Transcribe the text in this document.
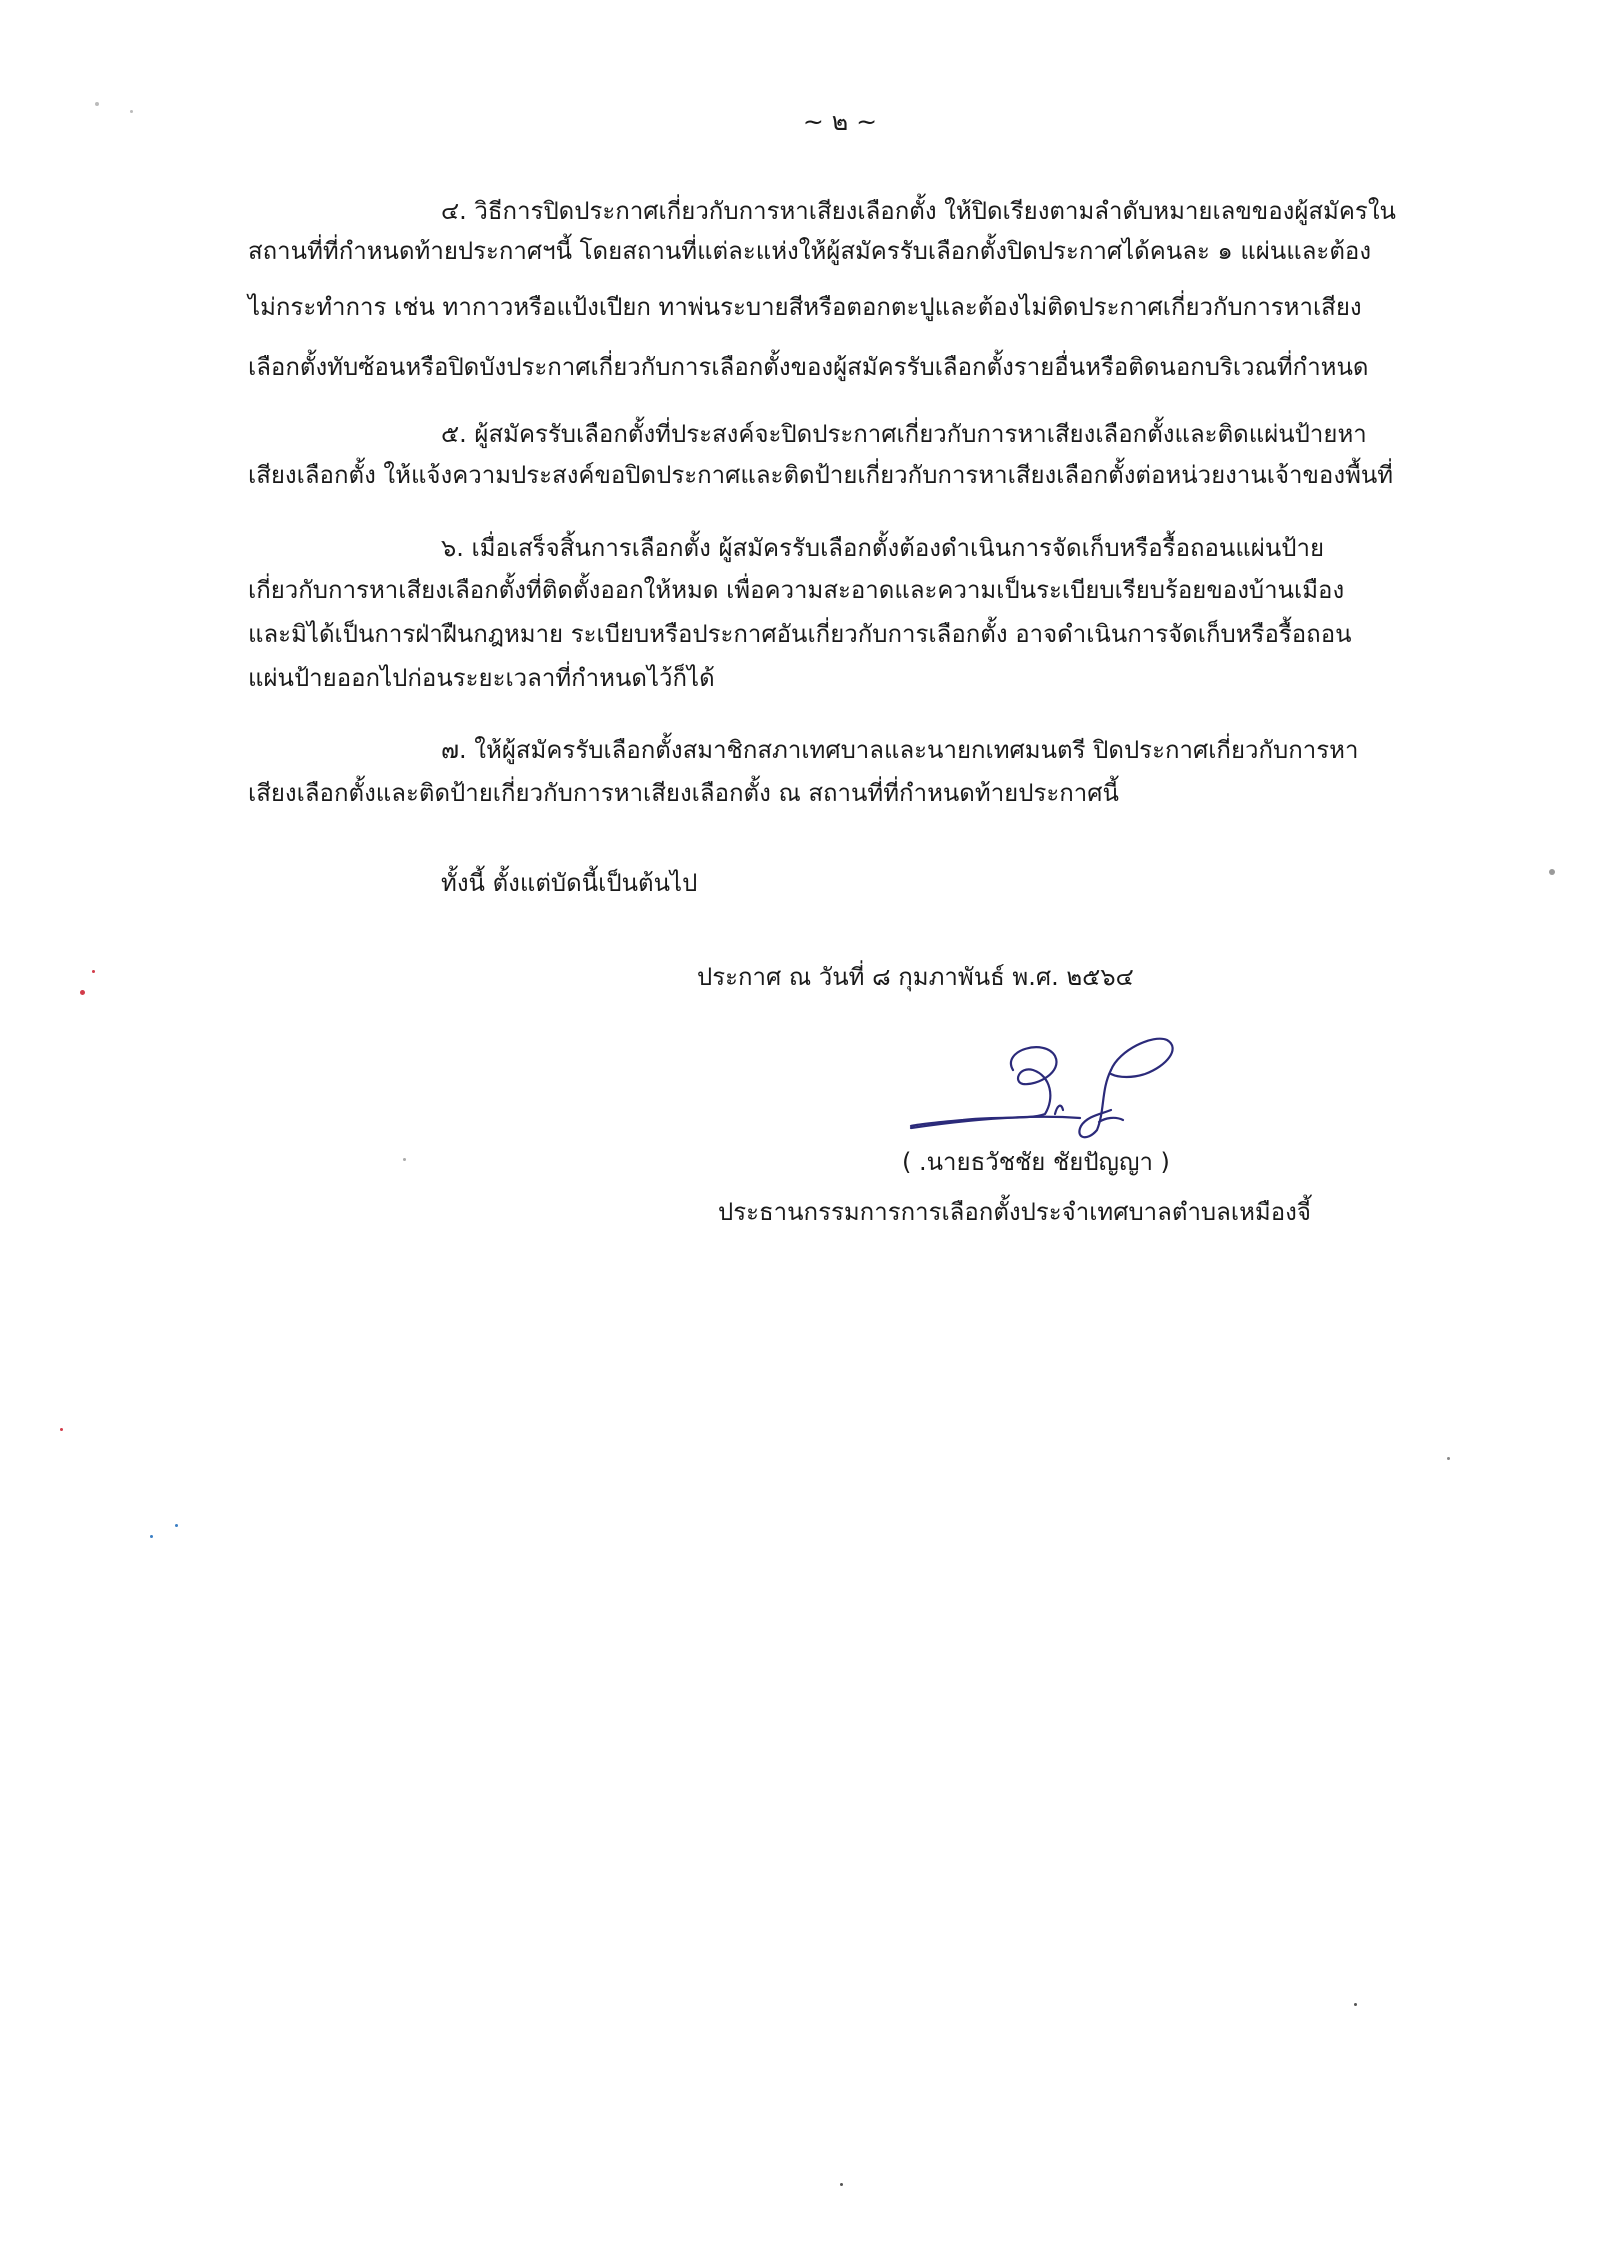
~ ๒ ~
๔. วิธีการปิดประกาศเกี่ยวกับการหาเสียงเลือกตั้ง ให้ปิดเรียงตามลำดับหมายเลขของผู้สมัครใน
สถานที่ที่กำหนดท้ายประกาศฯนี้ โดยสถานที่แต่ละแห่งให้ผู้สมัครรับเลือกตั้งปิดประกาศได้คนละ ๑ แผ่นและต้อง
ไม่กระทำการ เช่น ทากาวหรือแป้งเปียก ทาพ่นระบายสีหรือตอกตะปูและต้องไม่ติดประกาศเกี่ยวกับการหาเสียง
เลือกตั้งทับซ้อนหรือปิดบังประกาศเกี่ยวกับการเลือกตั้งของผู้สมัครรับเลือกตั้งรายอื่นหรือติดนอกบริเวณที่กำหนด
๕. ผู้สมัครรับเลือกตั้งที่ประสงค์จะปิดประกาศเกี่ยวกับการหาเสียงเลือกตั้งและติดแผ่นป้ายหา
เสียงเลือกตั้ง ให้แจ้งความประสงค์ขอปิดประกาศและติดป้ายเกี่ยวกับการหาเสียงเลือกตั้งต่อหน่วยงานเจ้าของพื้นที่
๖. เมื่อเสร็จสิ้นการเลือกตั้ง ผู้สมัครรับเลือกตั้งต้องดำเนินการจัดเก็บหรือรื้อถอนแผ่นป้าย
เกี่ยวกับการหาเสียงเลือกตั้งที่ติดตั้งออกให้หมด เพื่อความสะอาดและความเป็นระเบียบเรียบร้อยของบ้านเมือง
และมิได้เป็นการฝ่าฝืนกฎหมาย ระเบียบหรือประกาศอันเกี่ยวกับการเลือกตั้ง อาจดำเนินการจัดเก็บหรือรื้อถอน
แผ่นป้ายออกไปก่อนระยะเวลาที่กำหนดไว้ก็ได้
๗. ให้ผู้สมัครรับเลือกตั้งสมาชิกสภาเทศบาลและนายกเทศมนตรี ปิดประกาศเกี่ยวกับการหา
เสียงเลือกตั้งและติดป้ายเกี่ยวกับการหาเสียงเลือกตั้ง ณ สถานที่ที่กำหนดท้ายประกาศนี้
ทั้งนี้ ตั้งแต่บัดนี้เป็นต้นไป
ประกาศ ณ วันที่ ๘ กุมภาพันธ์ พ.ศ. ๒๕๖๔
( .นายธวัชชัย ชัยปัญญา )
ประธานกรรมการการเลือกตั้งประจำเทศบาลตำบลเหมืองจี้
